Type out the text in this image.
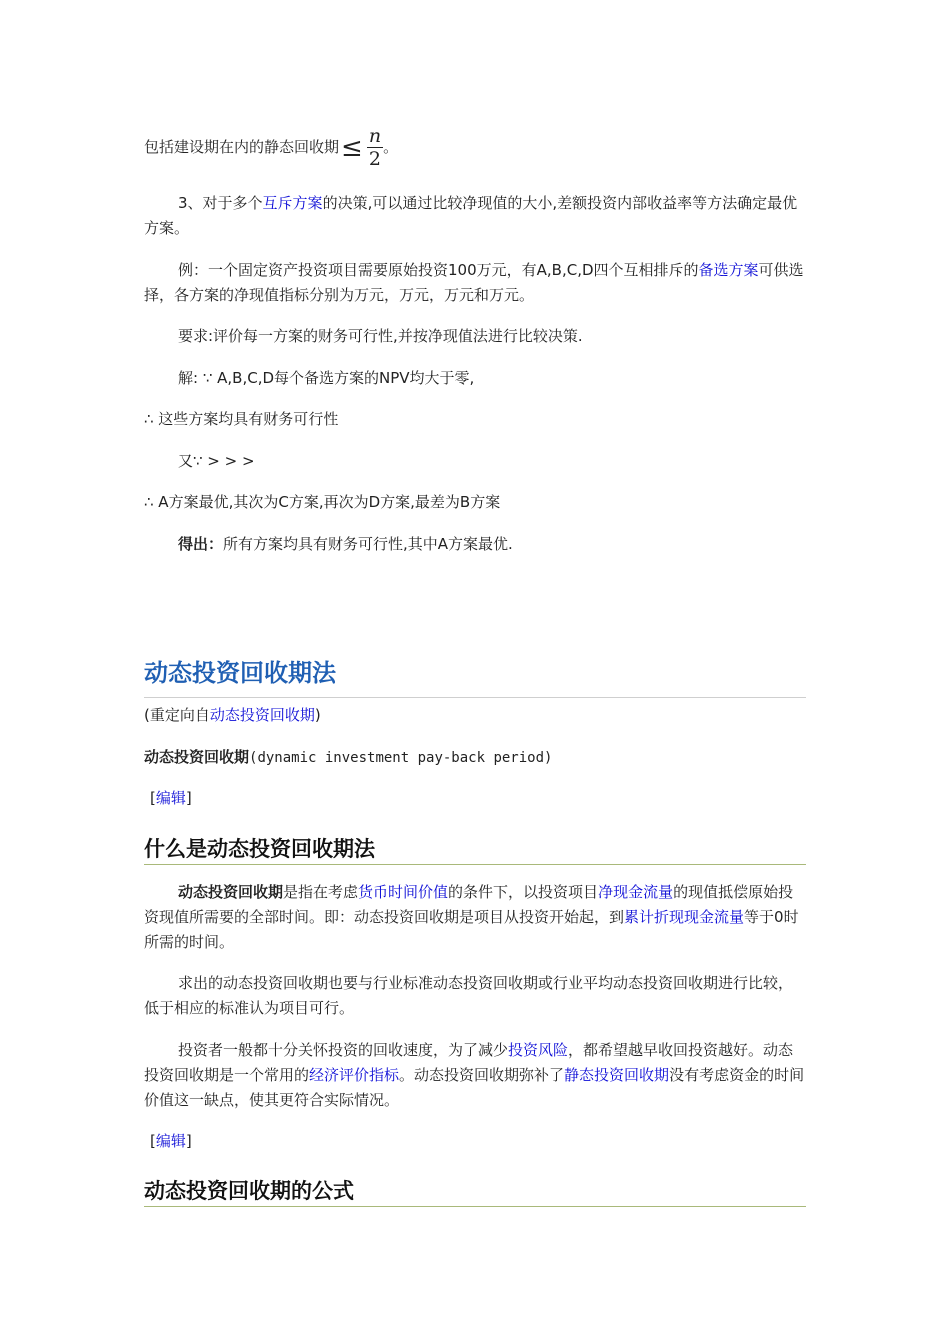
包括建设期在内的静态回收期≤ $\frac{n}{2}$ 。
3、对于多个互斥方案的决策,可以通过比较净现值的大小,差额投资内部收益率等方法确定最优方案。
例：一个固定资产投资项目需要原始投资100万元，有A,B,C,D四个互相排斥的备选方案可供选择，各方案的净现值指标分别为万元，万元，万元和万元。
要求:评价每一方案的财务可行性,并按净现值法进行比较决策.
解: ∵ A,B,C,D每个备选方案的NPV均大于零,
∴ 这些方案均具有财务可行性
又∵ > > >
∴ A方案最优,其次为C方案,再次为D方案,最差为B方案
得出：所有方案均具有财务可行性,其中A方案最优.
动态投资回收期法
(重定向自动态投资回收期)
动态投资回收期(dynamic investment pay-back period)
[编辑]
什么是动态投资回收期法
动态投资回收期是指在考虑货币时间价值的条件下，以投资项目净现金流量的现值抵偿原始投资现值所需要的全部时间。即：动态投资回收期是项目从投资开始起，到累计折现现金流量等于0时所需的时间。
求出的动态投资回收期也要与行业标准动态投资回收期或行业平均动态投资回收期进行比较，低于相应的标准认为项目可行。
投资者一般都十分关怀投资的回收速度，为了减少投资风险，都希望越早收回投资越好。动态投资回收期是一个常用的经济评价指标。动态投资回收期弥补了静态投资回收期没有考虑资金的时间价值这一缺点，使其更符合实际情况。
[编辑]
动态投资回收期的公式
